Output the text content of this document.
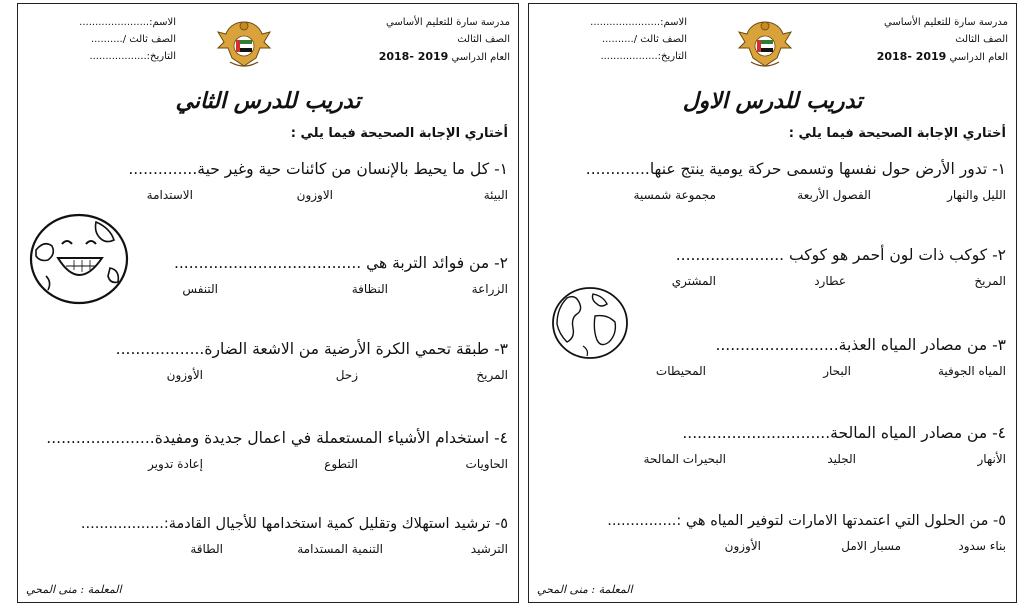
مدرسة سارة للتعليم الأساسي
الصف الثالث
العام الدراسي 2019 -2018
الاسم:......................
الصف ثالث /..........
التاريخ:..................
تدريب للدرس الثاني
أختاري الإجابة الصحيحة فيما يلي :
١- كل ما يحيط بالإنسان من كائنات حية وغير حية..............
البيئة
الاوزون
الاستدامة
٢- من فوائد التربة هي ......................................
الزراعة
النظافة
التنفس
٣- طبقة تحمي الكرة الأرضية من الاشعة الضارة..................
المريخ
زحل
الأوزون
٤- استخدام الأشياء المستعملة في اعمال جديدة ومفيدة......................
الحاويات
التطوع
إعادة تدوير
٥- ترشيد استهلاك وتقليل كمية استخدامها للأجيال القادمة:..................
الترشيد
التنمية المستدامة
الطاقة
المعلمة : منى المحي
مدرسة سارة للتعليم الأساسي
الصف الثالث
العام الدراسي 2019 -2018
الاسم:......................
الصف ثالث /..........
التاريخ:..................
تدريب للدرس الاول
أختاري الإجابة الصحيحة فيما يلي :
١- تدور الأرض حول نفسها وتسمى حركة يومية ينتج عنها.............
الليل والنهار
الفصول الأربعة
مجموعة شمسية
٢- كوكب ذات لون أحمر هو كوكب ......................
المريخ
عطارد
المشتري
٣- من مصادر المياه العذبة.........................
المياه الجوفية
البحار
المحيطات
٤- من مصادر المياه المالحة..............................
الأنهار
الجليد
البحيرات المالحة
٥- من الحلول التي اعتمدتها الامارات لتوفير المياه هي :...............
بناء سدود
مسبار الامل
الأوزون
المعلمة : منى المحي
